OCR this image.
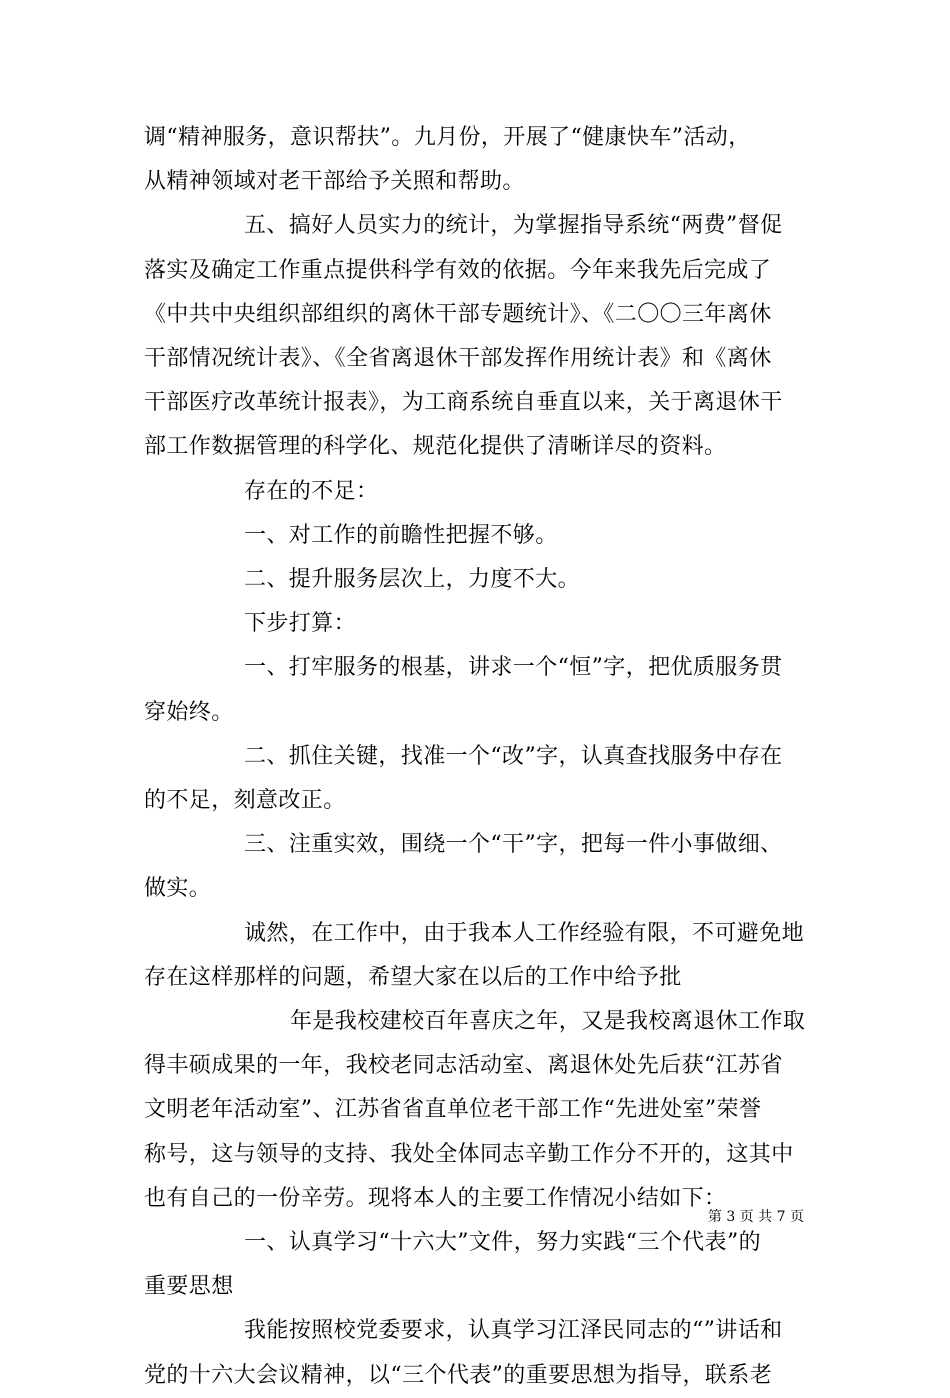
调“精神服务，意识帮扶”。九月份，开展了“健康快车”活动，
从精神领域对老干部给予关照和帮助。
五、搞好人员实力的统计，为掌握指导系统“两费”督促
落实及确定工作重点提供科学有效的依据。今年来我先后完成了
《中共中央组织部组织的离休干部专题统计》、《二〇〇三年离休
干部情况统计表》、《全省离退休干部发挥作用统计表》和《离休
干部医疗改革统计报表》，为工商系统自垂直以来，关于离退休干
部工作数据管理的科学化、规范化提供了清晰详尽的资料。
存在的不足：
一、对工作的前瞻性把握不够。
二、提升服务层次上，力度不大。
下步打算：
一、打牢服务的根基，讲求一个“恒”字，把优质服务贯
穿始终。
二、抓住关键，找准一个“改”字，认真查找服务中存在
的不足，刻意改正。
三、注重实效，围绕一个“干”字，把每一件小事做细、
做实。
诚然，在工作中，由于我本人工作经验有限，不可避免地
存在这样那样的问题，希望大家在以后的工作中给予批
年是我校建校百年喜庆之年，又是我校离退休工作取
得丰硕成果的一年，我校老同志活动室、离退休处先后获“江苏省
文明老年活动室”、江苏省省直单位老干部工作“先进处室”荣誉
称号，这与领导的支持、我处全体同志辛勤工作分不开的，这其中
也有自己的一份辛劳。现将本人的主要工作情况小结如下：
一、认真学习“十六大”文件，努力实践“三个代表”的
重要思想
我能按照校党委要求，认真学习江泽民同志的“”讲话和
党的十六大会议精神，以“三个代表”的重要思想为指导，联系老
第 3 页 共 7 页
